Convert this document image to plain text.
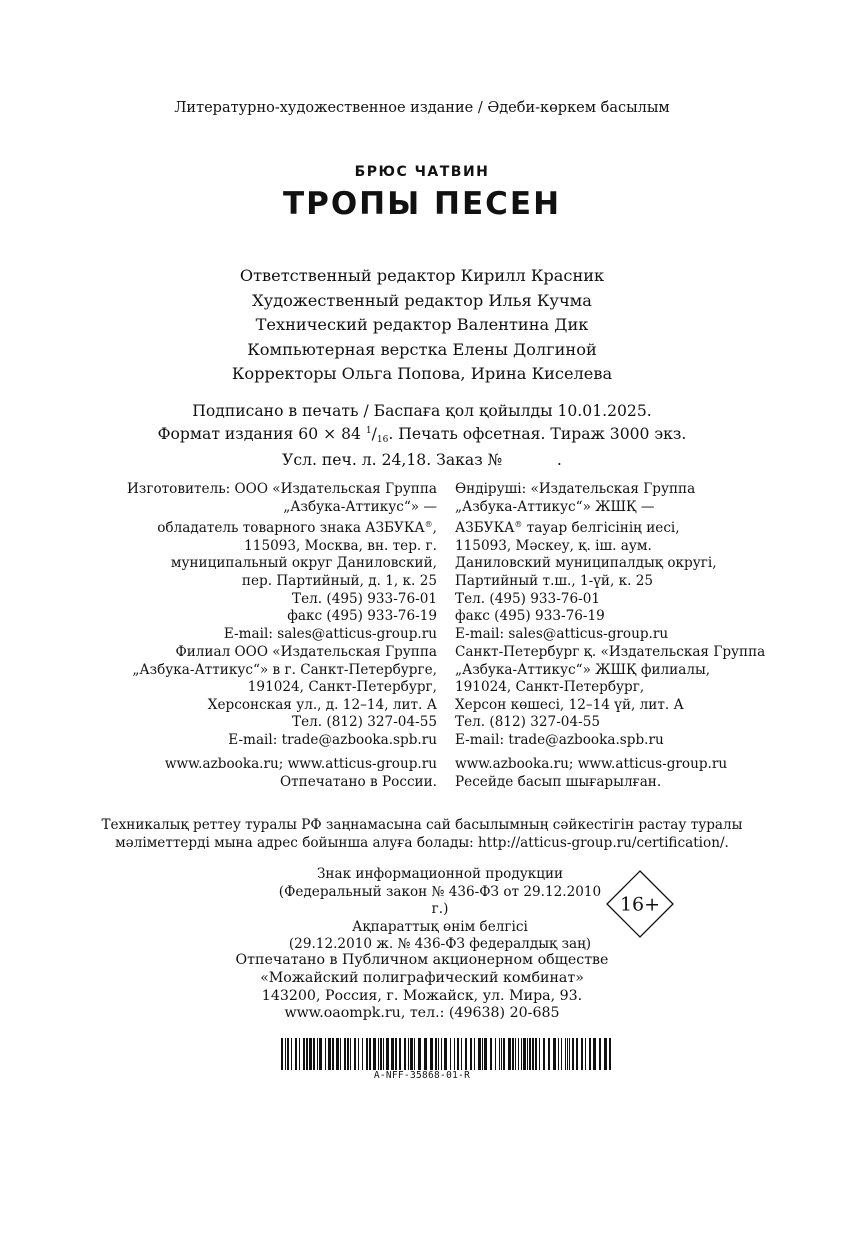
Литературно-художественное издание / Әдеби-көркем басылым
БРЮС ЧАТВИН
ТРОПЫ ПЕСЕН
Ответственный редактор Кирилл Красник
Художественный редактор Илья Кучма
Технический редактор Валентина Дик
Компьютерная верстка Елены Долгиной
Корректоры Ольга Попова, Ирина Киселева
Подписано в печать / Баспаға қол қойылды 10.01.2025.
Формат издания 60 × 84 $^1/_{16}$. Печать офсетная. Тираж 3000 экз.
Усл. печ. л. 24,18. Заказ №           .
Изготовитель: ООО «Издательская Группа
„Азбука-Аттикус“» —
обладатель товарного знака АЗБУКА®,
115093, Москва, вн. тер. г.
муниципальный округ Даниловский,
пер. Партийный, д. 1, к. 25
Тел. (495) 933-76-01
факс (495) 933-76-19
E-mail: sales@atticus-group.ru
Өндіруші: «Издательская Группа
„Азбука-Аттикус“» ЖШҚ —
АЗБУКА® тауар белгісінің иесі,
115093, Мәскеу, қ. іш. аум.
Даниловский муниципалдық округі,
Партийный т.ш., 1-үй, к. 25
Тел. (495) 933-76-01
факс (495) 933-76-19
E-mail: sales@atticus-group.ru
Филиал ООО «Издательская Группа
„Азбука-Аттикус“» в г. Санкт-Петербурге,
191024, Санкт-Петербург,
Херсонская ул., д. 12–14, лит. А
Тел. (812) 327-04-55
E-mail: trade@azbooka.spb.ru
Санкт-Петербург қ. «Издательская Группа
„Азбука-Аттикус“» ЖШҚ филиалы,
191024, Санкт-Петербург,
Херсон көшесі, 12–14 үй, лит. А
Тел. (812) 327-04-55
E-mail: trade@azbooka.spb.ru
www.azbooka.ru; www.atticus-group.ru
Отпечатано в России.
www.azbooka.ru; www.atticus-group.ru
Ресейде басып шығарылған.
Техникалық реттеу туралы РФ заңнамасына сай басылымның сәйкестігін растау туралы
мәліметтерді мына адрес бойынша алуға болады: http://atticus-group.ru/certification/.
Знак информационной продукции
(Федеральный закон № 436-ФЗ от 29.12.2010 г.)
Ақпараттық өнім белгісі
(29.12.2010 ж. № 436-ФЗ федералдық заң)
16+
Отпечатано в Публичном акционерном обществе
«Можайский полиграфический комбинат»
143200, Россия, г. Можайск, ул. Мира, 93.
www.oaompk.ru, тел.: (49638) 20-685
A-NFF-35868-01-R
